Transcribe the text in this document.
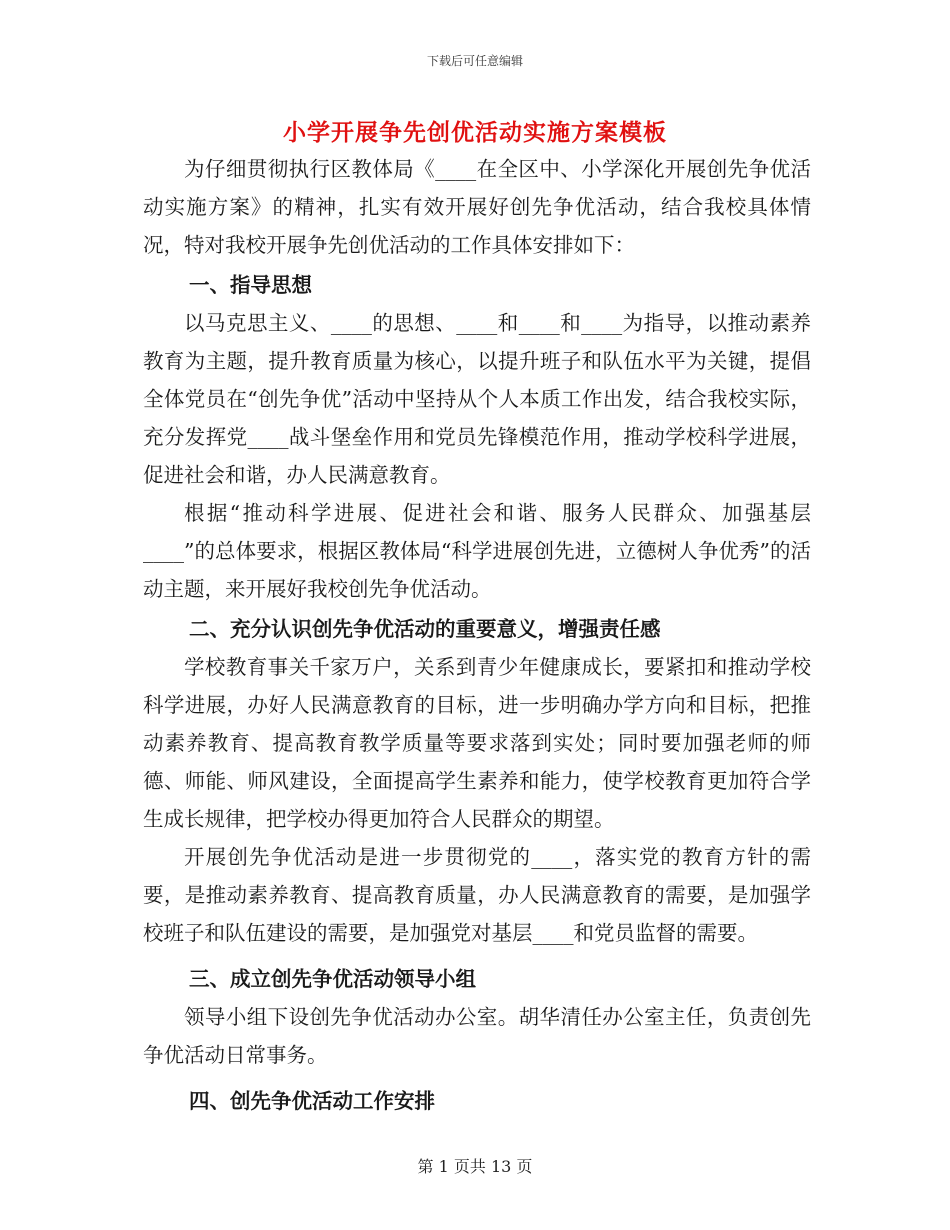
下载后可任意编辑
小学开展争先创优活动实施方案模板

为仔细贯彻执行区教体局《____在全区中、小学深化开展创先争优活动实施方案》的精神，扎实有效开展好创先争优活动，结合我校具体情况，特对我校开展争先创优活动的工作具体安排如下：

一、指导思想

以马克思主义、____的思想、____和____和____为指导，以推动素养教育为主题，提升教育质量为核心，以提升班子和队伍水平为关键，提倡全体党员在“创先争优”活动中坚持从个人本质工作出发，结合我校实际，充分发挥党____战斗堡垒作用和党员先锋模范作用，推动学校科学进展，促进社会和谐，办人民满意教育。

根据“推动科学进展、促进社会和谐、服务人民群众、加强基层____”的总体要求，根据区教体局“科学进展创先进，立德树人争优秀”的活动主题，来开展好我校创先争优活动。

二、充分认识创先争优活动的重要意义，增强责任感

学校教育事关千家万户，关系到青少年健康成长，要紧扣和推动学校科学进展，办好人民满意教育的目标，进一步明确办学方向和目标，把推动素养教育、提高教育教学质量等要求落到实处；同时要加强老师的师德、师能、师风建设，全面提高学生素养和能力，使学校教育更加符合学生成长规律，把学校办得更加符合人民群众的期望。

开展创先争优活动是进一步贯彻党的____，落实党的教育方针的需要，是推动素养教育、提高教育质量，办人民满意教育的需要，是加强学校班子和队伍建设的需要，是加强党对基层____和党员监督的需要。

三、成立创先争优活动领导小组

领导小组下设创先争优活动办公室。胡华清任办公室主任，负责创先争优活动日常事务。

四、创先争优活动工作安排

第 1 页共 13 页
